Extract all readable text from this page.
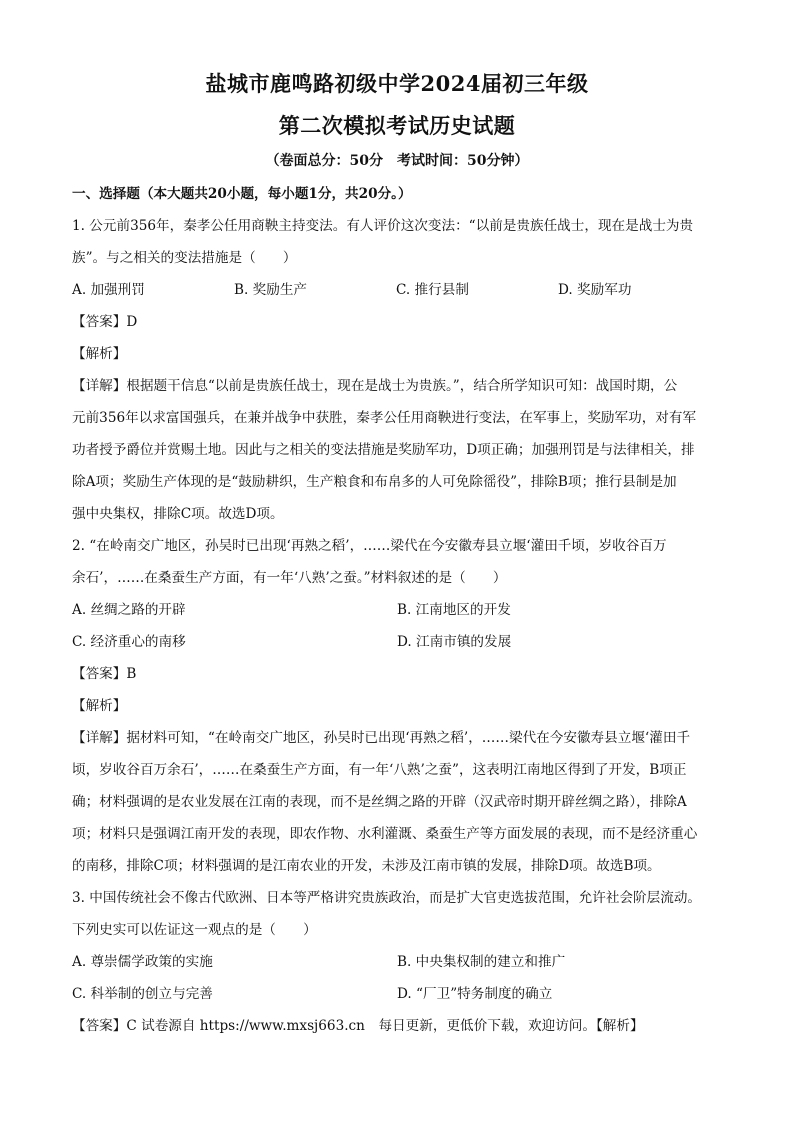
盐城市鹿鸣路初级中学2024届初三年级
第二次模拟考试历史试题
（卷面总分：50分　考试时间：50分钟）
一、选择题（本大题共20小题，每小题1分，共20分。）
1. 公元前356年，秦孝公任用商鞅主持变法。有人评价这次变法：“以前是贵族任战士，现在是战士为贵
族”。与之相关的变法措施是（　　）
A. 加强刑罚	B. 奖励生产	C. 推行县制	D. 奖励军功
【答案】D
【解析】
【详解】根据题干信息“以前是贵族任战士，现在是战士为贵族。”，结合所学知识可知：战国时期，公
元前356年以求富国强兵，在兼并战争中获胜，秦孝公任用商鞅进行变法，在军事上，奖励军功，对有军
功者授予爵位并赏赐土地。因此与之相关的变法措施是奖励军功，D项正确；加强刑罚是与法律相关，排
除A项；奖励生产体现的是“鼓励耕织，生产粮食和布帛多的人可免除徭役”，排除B项；推行县制是加
强中央集权，排除C项。故选D项。
2. “在岭南交广地区，孙吴时已出现‘再熟之稻’，……梁代在今安徽寿县立堰‘灌田千顷，岁收谷百万
余石’，……在桑蚕生产方面，有一年‘八熟’之蚕。”材料叙述的是（　　）
A. 丝绸之路的开辟	B. 江南地区的开发
C. 经济重心的南移	D. 江南市镇的发展
【答案】B
【解析】
【详解】据材料可知，“在岭南交广地区，孙吴时已出现‘再熟之稻’，……梁代在今安徽寿县立堰‘灌田千
顷，岁收谷百万余石’，……在桑蚕生产方面，有一年‘八熟’之蚕”，这表明江南地区得到了开发，B项正
确；材料强调的是农业发展在江南的表现，而不是丝绸之路的开辟（汉武帝时期开辟丝绸之路），排除A
项；材料只是强调江南开发的表现，即农作物、水利灌溉、桑蚕生产等方面发展的表现，而不是经济重心
的南移，排除C项；材料强调的是江南农业的开发，未涉及江南市镇的发展，排除D项。故选B项。
3. 中国传统社会不像古代欧洲、日本等严格讲究贵族政治，而是扩大官吏选拔范围，允许社会阶层流动。
下列史实可以佐证这一观点的是（　　）
A. 尊崇儒学政策的实施	B. 中央集权制的建立和推广
C. 科举制的创立与完善	D. “厂卫”特务制度的确立
【答案】C 试卷源自 https://www.mxsj663.cn　每日更新，更低价下载，欢迎访问。【解析】
